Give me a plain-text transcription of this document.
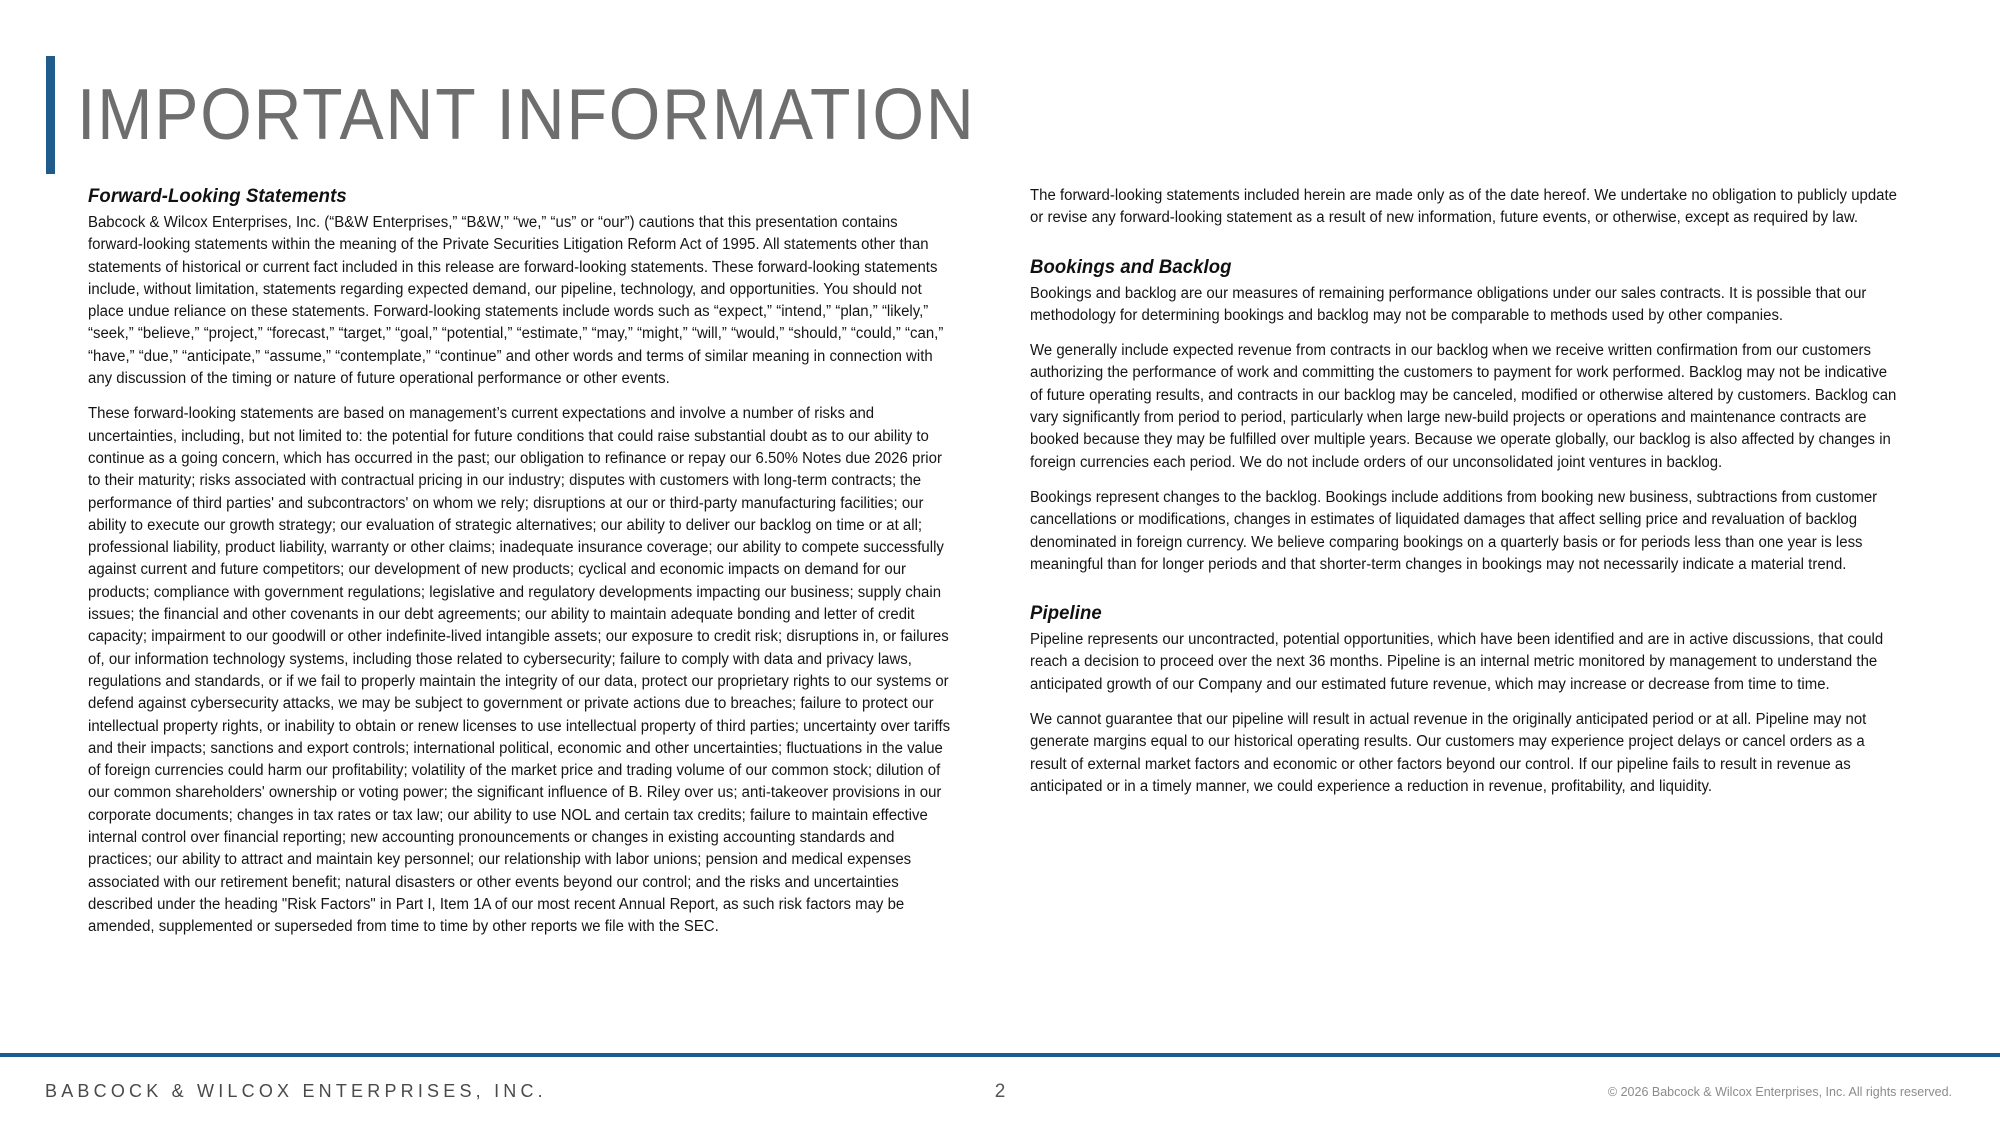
IMPORTANT INFORMATION
Forward-Looking Statements

Babcock & Wilcox Enterprises, Inc. (“B&W Enterprises,” “B&W,” “we,” “us” or “our”) cautions that this presentation contains forward-looking statements within the meaning of the Private Securities Litigation Reform Act of 1995. All statements other than statements of historical or current fact included in this release are forward-looking statements. These forward-looking statements include, without limitation, statements regarding expected demand, our pipeline, technology, and opportunities. You should not place undue reliance on these statements. Forward-looking statements include words such as “expect,” “intend,” “plan,” “likely,” “seek,” “believe,” “project,” “forecast,” “target,” “goal,” “potential,” “estimate,” “may,” “might,” “will,” “would,” “should,” “could,” “can,” “have,” “due,” “anticipate,” “assume,” “contemplate,” “continue” and other words and terms of similar meaning in connection with any discussion of the timing or nature of future operational performance or other events.

These forward-looking statements are based on management’s current expectations and involve a number of risks and uncertainties, including, but not limited to: the potential for future conditions that could raise substantial doubt as to our ability to continue as a going concern, which has occurred in the past; our obligation to refinance or repay our 6.50% Notes due 2026 prior to their maturity; risks associated with contractual pricing in our industry; disputes with customers with long-term contracts; the performance of third parties' and subcontractors' on whom we rely; disruptions at our or third-party manufacturing facilities; our ability to execute our growth strategy; our evaluation of strategic alternatives; our ability to deliver our backlog on time or at all; professional liability, product liability, warranty or other claims; inadequate insurance coverage; our ability to compete successfully against current and future competitors; our development of new products; cyclical and economic impacts on demand for our products; compliance with government regulations; legislative and regulatory developments impacting our business; supply chain issues; the financial and other covenants in our debt agreements; our ability to maintain adequate bonding and letter of credit capacity; impairment to our goodwill or other indefinite-lived intangible assets; our exposure to credit risk; disruptions in, or failures of, our information technology systems, including those related to cybersecurity; failure to comply with data and privacy laws, regulations and standards, or if we fail to properly maintain the integrity of our data, protect our proprietary rights to our systems or defend against cybersecurity attacks, we may be subject to government or private actions due to breaches; failure to protect our intellectual property rights, or inability to obtain or renew licenses to use intellectual property of third parties; uncertainty over tariffs and their impacts; sanctions and export controls; international political, economic and other uncertainties; fluctuations in the value of foreign currencies could harm our profitability; volatility of the market price and trading volume of our common stock; dilution of our common shareholders' ownership or voting power; the significant influence of B. Riley over us; anti-takeover provisions in our corporate documents; changes in tax rates or tax law; our ability to use NOL and certain tax credits; failure to maintain effective internal control over financial reporting; new accounting pronouncements or changes in existing accounting standards and practices; our ability to attract and maintain key personnel; our relationship with labor unions; pension and medical expenses associated with our retirement benefit; natural disasters or other events beyond our control; and the risks and uncertainties described under the heading "Risk Factors" in Part I, Item 1A of our most recent Annual Report, as such risk factors may be amended, supplemented or superseded from time to time by other reports we file with the SEC.

The forward-looking statements included herein are made only as of the date hereof. We undertake no obligation to publicly update or revise any forward-looking statement as a result of new information, future events, or otherwise, except as required by law.

Bookings and Backlog

Bookings and backlog are our measures of remaining performance obligations under our sales contracts. It is possible that our methodology for determining bookings and backlog may not be comparable to methods used by other companies.

We generally include expected revenue from contracts in our backlog when we receive written confirmation from our customers authorizing the performance of work and committing the customers to payment for work performed. Backlog may not be indicative of future operating results, and contracts in our backlog may be canceled, modified or otherwise altered by customers. Backlog can vary significantly from period to period, particularly when large new-build projects or operations and maintenance contracts are booked because they may be fulfilled over multiple years. Because we operate globally, our backlog is also affected by changes in foreign currencies each period. We do not include orders of our unconsolidated joint ventures in backlog.

Bookings represent changes to the backlog. Bookings include additions from booking new business, subtractions from customer cancellations or modifications, changes in estimates of liquidated damages that affect selling price and revaluation of backlog denominated in foreign currency. We believe comparing bookings on a quarterly basis or for periods less than one year is less meaningful than for longer periods and that shorter-term changes in bookings may not necessarily indicate a material trend.

Pipeline

Pipeline represents our uncontracted, potential opportunities, which have been identified and are in active discussions, that could reach a decision to proceed over the next 36 months. Pipeline is an internal metric monitored by management to understand the anticipated growth of our Company and our estimated future revenue, which may increase or decrease from time to time.

We cannot guarantee that our pipeline will result in actual revenue in the originally anticipated period or at all. Pipeline may not generate margins equal to our historical operating results. Our customers may experience project delays or cancel orders as a result of external market factors and economic or other factors beyond our control. If our pipeline fails to result in revenue as anticipated or in a timely manner, we could experience a reduction in revenue, profitability, and liquidity.

BABCOCK & WILCOX ENTERPRISES, INC.	2	© 2026 Babcock & Wilcox Enterprises, Inc. All rights reserved.
